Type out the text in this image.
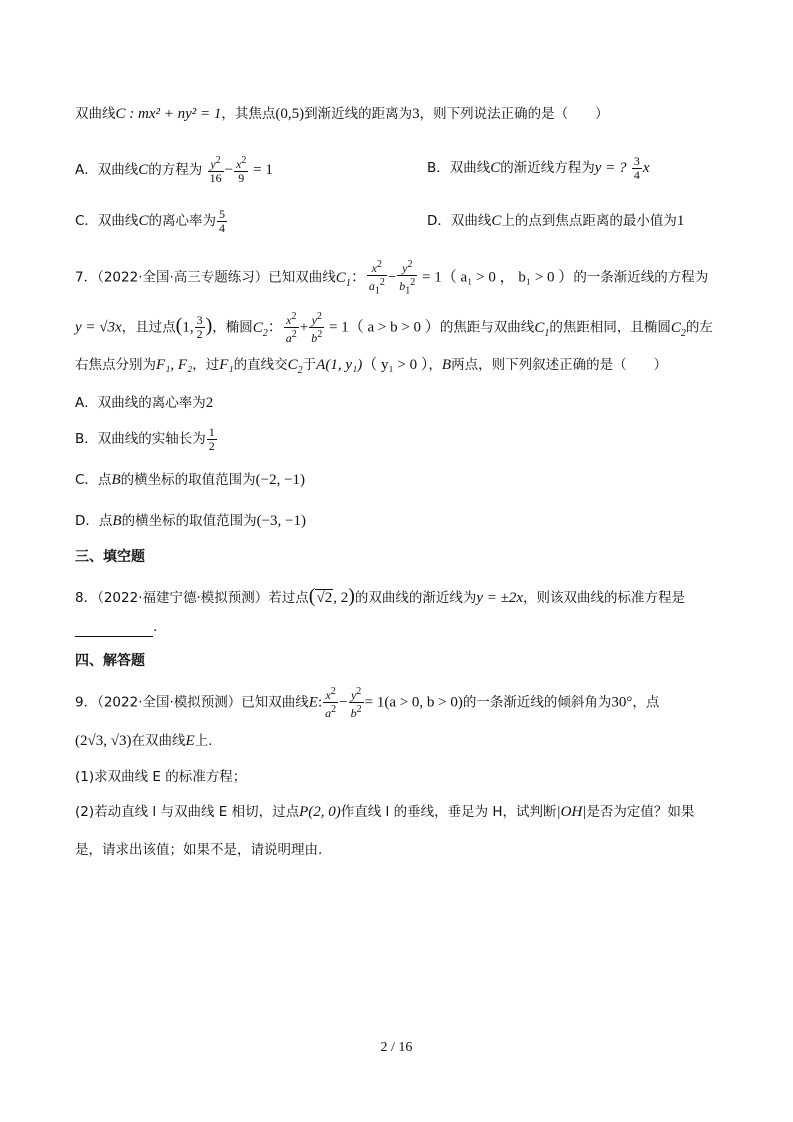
双曲线C : mx² + ny² = 1，其焦点(0,5)到渐近线的距离为3，则下列说法正确的是（　　）
A．双曲线C的方程为 $\frac{y^2}{16} - \frac{x^2}{9} = 1$	B．双曲线C的渐近线方程为y = ? $\frac{3}{4}$ x
C．双曲线C的离心率为 $\frac{5}{4}$	D．双曲线C上的点到焦点距离的最小值为1
7．（2022·全国·高三专题练习）已知双曲线$C_1$： $\frac{x^2}{a_1^2} - \frac{y^2}{b_1^2} = 1$（ a₁ > 0 ， b₁ > 0 ）的一条渐近线的方程为
y = √3x，且过点(1, $\frac{3}{2}$ )，椭圆$C_2$： $\frac{x^2}{a^2} + \frac{y^2}{b^2} = 1$（ a > b > 0 ）的焦距与双曲线$C_1$的焦距相同，且椭圆$C_2$的左
右焦点分别为F₁, F₂，过F₁的直线交$C_2$于A(1, y₁)（ y₁ > 0 ），B两点，则下列叙述正确的是（　　）
A．双曲线的离心率为2
B．双曲线的实轴长为 $\frac{1}{2}$
C．点B的横坐标的取值范围为(−2, −1)
D．点B的横坐标的取值范围为(−3, −1)
三、填空题
8．（2022·福建宁德·模拟预测）若过点(√2, 2)的双曲线的渐近线为y = ±2x，则该双曲线的标准方程是
.
四、解答题
9．（2022·全国·模拟预测）已知双曲线E: $\frac{x^2}{a^2} - \frac{y^2}{b^2} = 1(a > 0$, b > 0)的一条渐近线的倾斜角为30°，点
(2√3, √3)在双曲线E上.
(1)求双曲线 E 的标准方程；
(2)若动直线 l 与双曲线 E 相切，过点P(2, 0)作直线 l 的垂线，垂足为 H，试判断|OH|是否为定值？如果
是，请求出该值；如果不是，请说明理由.
2 / 16
